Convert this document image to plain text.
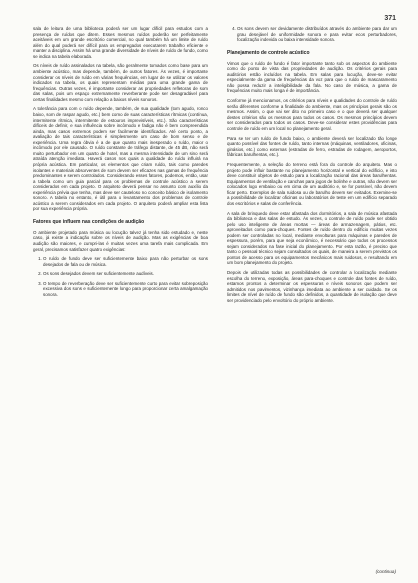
371

sala de leitura de uma biblioteca poderá ser um lugar difícil para estudos com a presença de ruídos que ditem. Esses mesmos ruídos poderão ser perfeitamente aceitáveis em um grande escritório comercial, no qual também há um limite de ruído além do qual poderá ser difícil para os empregados executarem trabalho eficiente e manter a disciplina. Assim há uma grande diversidade de níveis de ruído de fundo, como se indica na tabela elaborada.

Os níveis de ruído assinalados na tabela, são geralmente tomados como base para um ambiente acústico, mas depende, também, de outros fatores. Às vezes, é importante considerar os níveis de ruído em várias frequências, em lugar de se utilizar os valores indicados na tabela, os quais representam médias para uma grande gama de frequências. Outras vezes, é importante considerar as propriedades refletoras de som das salas, pois um espaço extremamente reverberante pode ser desagradável para certas finalidades mesmo com relação a baixos níveis sonoros.

A tolerância para com o ruído depende, também, de sua qualidade (tom agudo, ronco baixo, som de raspar agudo, etc.) bem como de suas características rítmicas (contínua, intermitente rítmica, intermitente de estouros imprevisíveis, etc.). São características difíceis de definir, e sua influência sobre incômodo e fadiga não é bem compreendida ainda, mas casos extremos podem ser facilmente identificados. Até certo ponto, a avaliação de tais características é simplesmente um caso de bom senso e de experiência. Uma regra óbvia é a de que quanto mais inesperado o ruído, maior o incômodo por ele causado. O ruído constante de tráfego distante, de 45 dB, não será muito perturbador em um quarto de hotel, mas a mesma intensidade de um sino será atraída atenção imediata. Haverá casos nos quais a qualidade do ruído influirá na própria acústica. Em particular, os elementos que criam ruído, tais como paredes isolantes e materiais absorventes de som devem ser eficazes nas gamas de frequência predominantes e serem controlados. Considerando esses fatores, podemos, então, usar a tabela como um guia parcial para os problemas de controle acústico a serem considerados em cada projeto. O arquiteto deverá pensar no assunto com auxílio da experiência prévia que tenha, mas deve ser cauteloso no conceito básico de isolamento sonoro. A tabela no entanto, é útil para o levantamento dos problemas de controle acústico a serem considerados em cada projeto. O arquiteto poderá ampliar esta lista por sua experiência própria.

Fatores que influem nas condições de audição

O ambiente projetado para música ou locução talvez já tenha sido estudado e, neste caso, já existe a indicação sobre os níveis de audição. Mas as exigências de boa audição são maiores, e cumpri-las é muitas vezes uma tarefa mais complicada. Em geral, precisamos satisfazer quatro exigências:

1. O ruído de fundo deve ser suficientemente baixo para não perturbar os sons desejados de fala ou de música.
2. Os sons desejados devem ser suficientemente audíveis.
3. O tempo de reverberação deve ser suficientemente curto para evitar sobreposição excessiva dos sons e suficientemente longo para proporcionar certa amalgamação sonora.
4. Os sons devem ser devidamente distribuídos através do ambiente para dar um grau desejável de uniformidade sonora e para evitar ecos perturbadores, focalização indevida ou baixa intensidade sonora.
Planejamento de controle acústico

Vimos que o ruído de fundo é fator importante tanto sob os aspectos do ambiente como do ponto de vista das propriedades de audição. Os critérios gerais para auditórios estão incluídos na tabela. Em salas para locução, deve-se evitar especialmente da gama de frequências da voz para que o ruído de mascaramento não possa reduzir a inteligibilidade da fala. No caso de música, a gama de frequências muito mais longa é de importância.

Conforme já mencionamos, os critérios para níveis e qualidades do controle de ruído serão diferentes conforme a finalidade do ambiente, mas os princípios gerais são os mesmos. Assim, o que vai ser dito no primeiro caso e o que deverá ser qualquer destes critérios são os mesmos para todos os casos. Os mesmos princípios devem ser considerados para todos os casos. Deve-se considerar estes providências para controle de ruído em um local no planejamento geral.

Para se ter um ruído de fundo baixo, o ambiente deverá ser localizado tão longe quanto possível das fontes de ruído, tanto internas (máquinas, ventiladores, oficinas, ginásios, etc.) como externas (estradas de ferro, estradas de rodagem, aeroportos, fábricas barulhentas, etc.).

Frequentemente, a seleção do terreno está fora do controle do arquiteto. Mas o projeto pode influir bastante no planejamento horizontal e vertical do edifício, e isto deve constituir objetos de estudo para a localização racional das áreas barulhentas. Equipamentos de ventilação e canchas para jogos de bolinhe e outras, não devem ser colocados logo embaixo ou em cima de um auditório e, se for possível, não devem ficar perto. Exemplos de sala ruidosa ou de barulho devem ser evitados. Exemine-se a possibilidade de localizar oficinas ou laboratórios de teste em um edifício separado dos escritórios e salas de conferência.

A sala de brinquedo deve estar afastada dos dormitórios, a sala de música afastada da biblioteca e das salas de estudo. Às vezes, o controle de ruído pode ser obtido pelo uso inteligente de áreas mortas — áreas de armazenagem, pátios, etc. aproveitados como para-choques. Fontes de ruído dentro do edifício muitas vezes podem ser controladas no local, mediante envolturas para máquinas e paredes de espessura, porém, para que seja econômico, é necessário que todos os processos sejam considerados na fase inicial do planejamento. Por esta razão, é preciso que tanto o pessoal técnico sejam consultados os quais, de maneira a serem previstos os pontos de acesso para os equipamentos mecânicos mais ruidosos, e resultando em um bom planejamento do projeto.

Depois de utilizadas todas as possibilidades de controlar a localização mediante escolha do terreno, exposição, áreas para-choques e controle das fontes de ruído, estamos prontos a determinar os espessuras e níveis sonoros que podem ser admitidos nos pavimentos, vizinhança imediata ao ambiente a ser cuidado. Se os limites de nível de ruído de fundo são definidos, a quantidade de isolação que deve ser providenciado pelo envoltório do próprio ambiente.

(continua)
